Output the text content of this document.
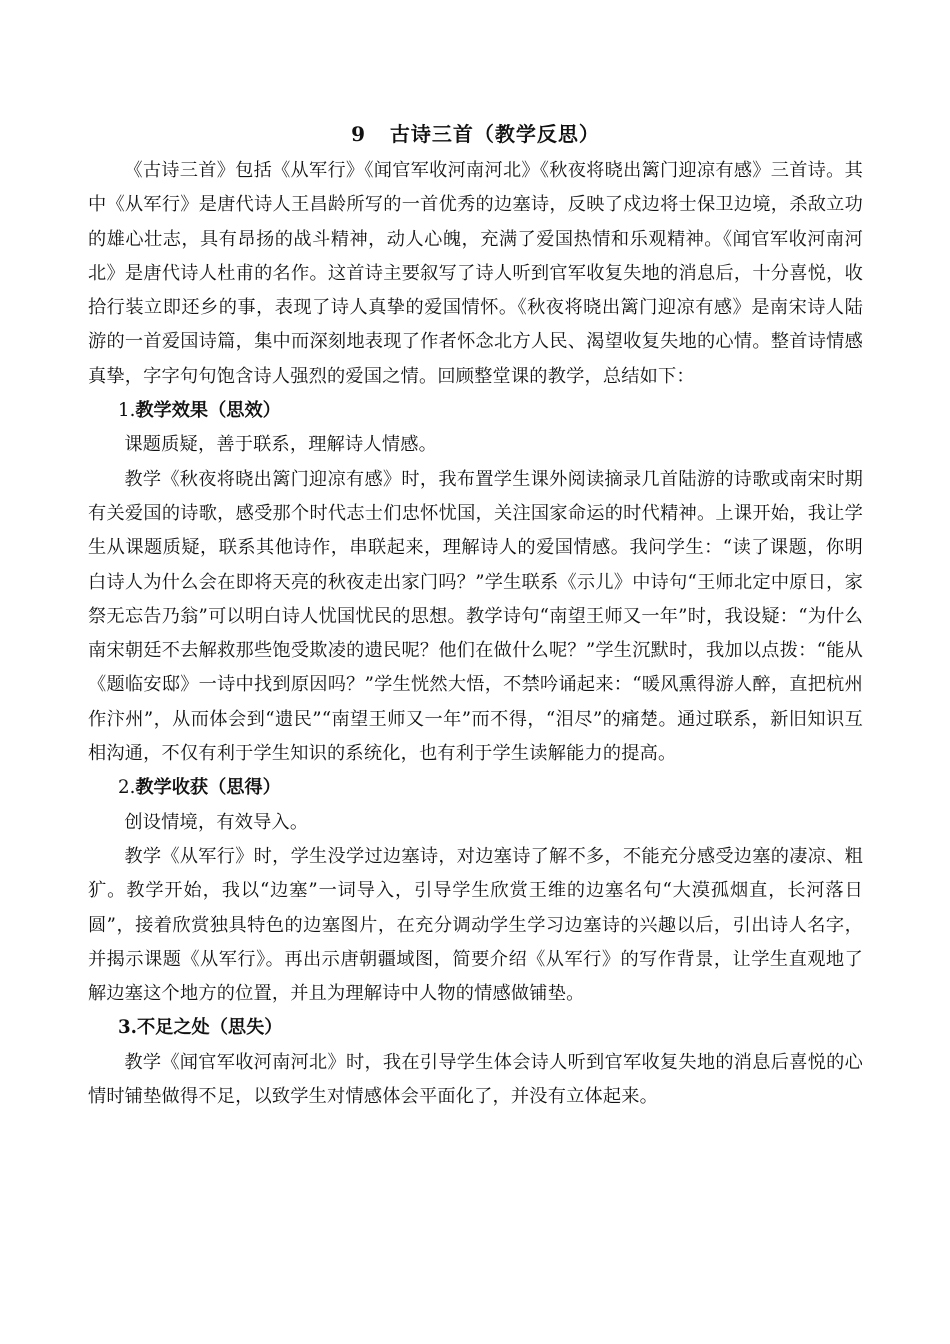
9   古诗三首（教学反思）

《古诗三首》包括《从军行》《闻官军收河南河北》《秋夜将晓出篱门迎凉有感》三首诗。其中《从军行》是唐代诗人王昌龄所写的一首优秀的边塞诗，反映了戍边将士保卫边境，杀敌立功的雄心壮志，具有昂扬的战斗精神，动人心魄，充满了爱国热情和乐观精神。《闻官军收河南河北》是唐代诗人杜甫的名作。这首诗主要叙写了诗人听到官军收复失地的消息后，十分喜悦，收拾行装立即还乡的事，表现了诗人真挚的爱国情怀。《秋夜将晓出篱门迎凉有感》是南宋诗人陆游的一首爱国诗篇，集中而深刻地表现了作者怀念北方人民、渴望收复失地的心情。整首诗情感真挚，字字句句饱含诗人强烈的爱国之情。回顾整堂课的教学，总结如下：

1.教学效果（思效）

课题质疑，善于联系，理解诗人情感。

教学《秋夜将晓出篱门迎凉有感》时，我布置学生课外阅读摘录几首陆游的诗歌或南宋时期有关爱国的诗歌，感受那个时代志士们忠怀忧国，关注国家命运的时代精神。上课开始，我让学生从课题质疑，联系其他诗作，串联起来，理解诗人的爱国情感。我问学生：“读了课题，你明白诗人为什么会在即将天亮的秋夜走出家门吗？”学生联系《示儿》中诗句“王师北定中原日，家祭无忘告乃翁”可以明白诗人忧国忧民的思想。教学诗句“南望王师又一年”时，我设疑：“为什么南宋朝廷不去解救那些饱受欺凌的遗民呢？他们在做什么呢？”学生沉默时，我加以点拨：“能从《题临安邸》一诗中找到原因吗？”学生恍然大悟，不禁吟诵起来：“暖风熏得游人醉，直把杭州作汴州”，从而体会到“遗民”“南望王师又一年”而不得，“泪尽”的痛楚。通过联系，新旧知识互相沟通，不仅有利于学生知识的系统化，也有利于学生读解能力的提高。

2.教学收获（思得）

创设情境，有效导入。

教学《从军行》时，学生没学过边塞诗，对边塞诗了解不多，不能充分感受边塞的凄凉、粗犷。教学开始，我以“边塞”一词导入，引导学生欣赏王维的边塞名句“大漠孤烟直，长河落日圆”，接着欣赏独具特色的边塞图片，在充分调动学生学习边塞诗的兴趣以后，引出诗人名字，并揭示课题《从军行》。再出示唐朝疆域图，简要介绍《从军行》的写作背景，让学生直观地了解边塞这个地方的位置，并且为理解诗中人物的情感做铺垫。

3.不足之处（思失）

教学《闻官军收河南河北》时，我在引导学生体会诗人听到官军收复失地的消息后喜悦的心情时铺垫做得不足，以致学生对情感体会平面化了，并没有立体起来。
